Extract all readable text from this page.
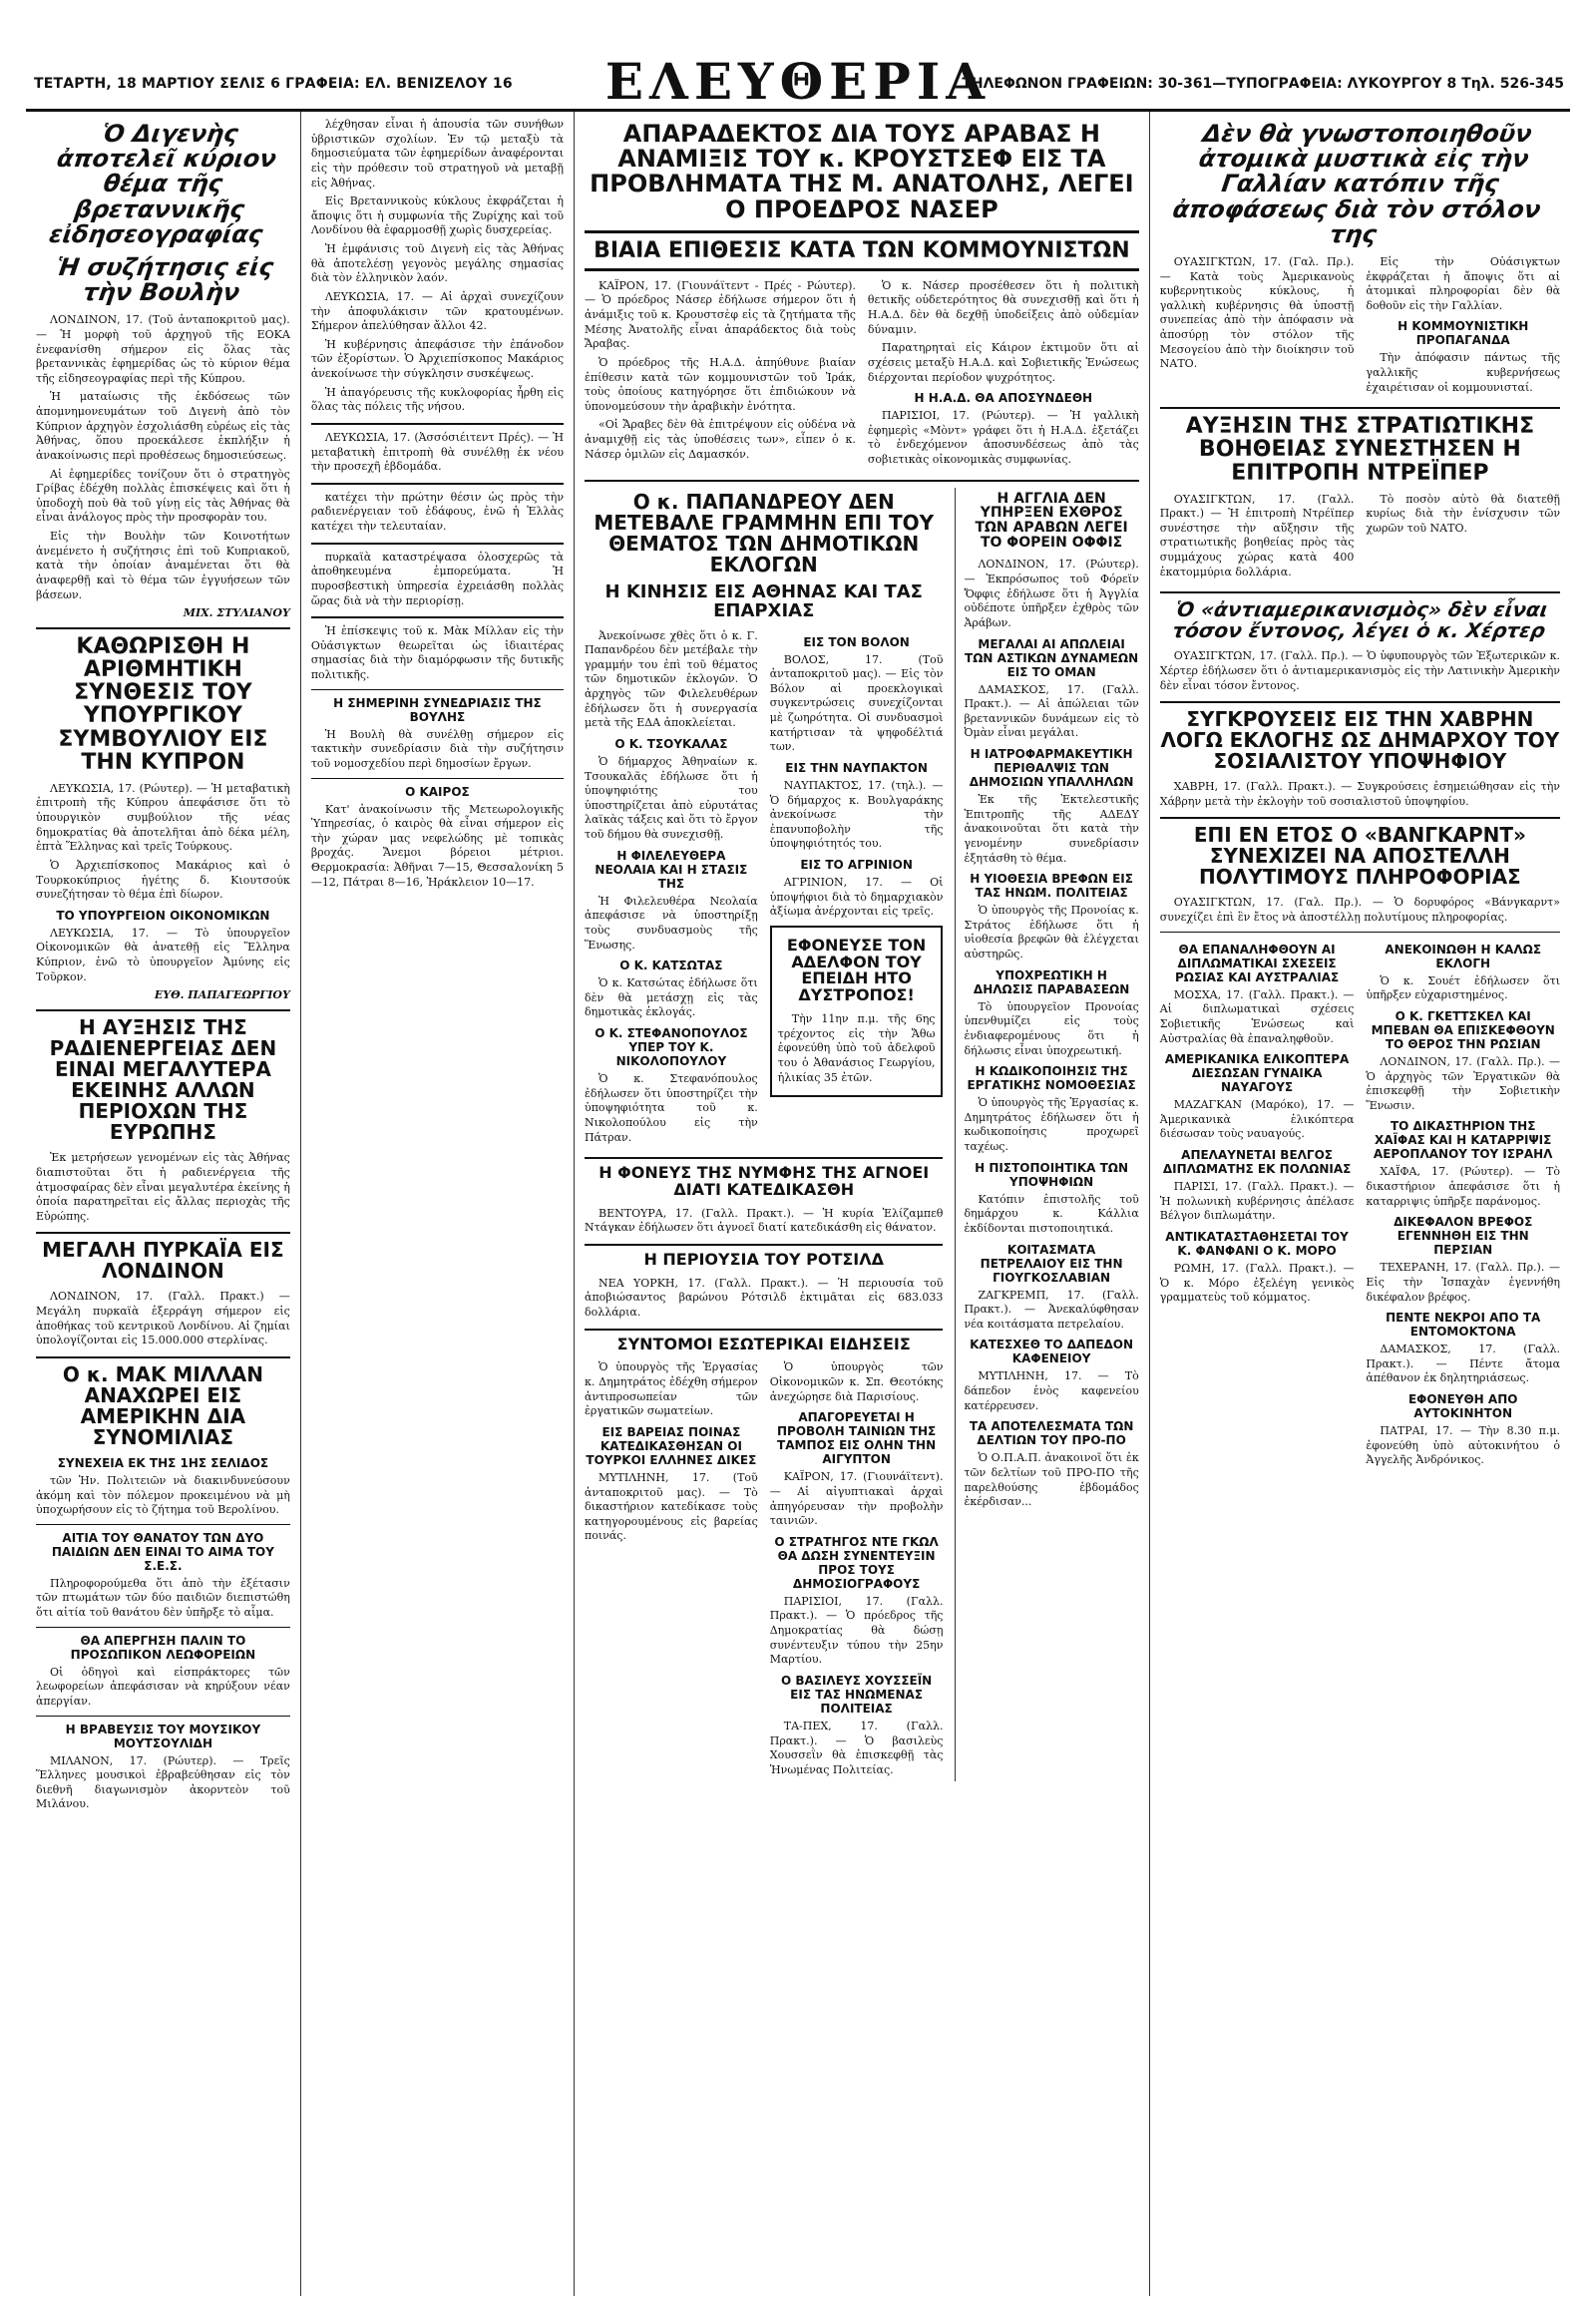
ΤΕΤΑΡΤΗ, 18 ΜΑΡΤΙΟΥ ΣΕΛΙΣ 6 ΓΡΑΦΕΙΑ: ΕΛ. ΒΕΝΙΖΕΛΟΥ 16	ΕΛΕΥΘΕΡΙΑ
ΤΗΛΕΦΩΝΟΝ ΓΡΑΦΕΙΩΝ: 30-361—ΤΥΠΟΓΡΑΦΕΙΑ: ΛΥΚΟΥΡΓΟΥ 8 Τηλ. 526-345
Ὁ Διγενὴς ἀποτελεῖ κύριον θέμα τῆς βρεταννικῆς εἰδησεογραφίας
Ἡ συζήτησις εἰς τὴν Βουλὴν

ΛΟΝΔΙΝΟΝ, 17. (Τοῦ ἀνταποκριτοῦ μας). — Ἡ μορφὴ τοῦ ἀρχηγοῦ τῆς ΕΟΚΑ ἐνεφανίσθη σήμερον εἰς ὅλας τὰς βρεταννικὰς ἐφημερίδας ὡς τὸ κύριον θέμα τῆς εἰδησεογραφίας περὶ τῆς Κύπρου.

Ἡ ματαίωσις τῆς ἐκδόσεως τῶν ἀπομνημονευμάτων τοῦ Διγενὴ ἀπὸ τὸν Κύπριον ἀρχηγὸν ἐσχολιάσθη εὐρέως εἰς τὰς Ἀθήνας, ὅπου προεκάλεσε ἐκπλήξιν ἡ ἀνακοίνωσις περὶ προθέσεως δημοσιεύσεως.

Αἱ ἐφημερίδες τονίζουν ὅτι ὁ στρατηγὸς Γρίβας ἐδέχθη πολλὰς ἐπισκέψεις καὶ ὅτι ἡ ὑποδοχὴ ποὺ θὰ τοῦ γίνῃ εἰς τὰς Ἀθήνας θὰ εἶναι ἀνάλογος πρὸς τὴν προσφορὰν του.

Εἰς τὴν Βουλὴν τῶν Κοινοτήτων ἀνεμένετο ἡ συζήτησις ἐπὶ τοῦ Κυπριακοῦ, κατὰ τὴν ὁποίαν ἀναμένεται ὅτι θὰ ἀναφερθῇ καὶ τὸ θέμα τῶν ἐγγυήσεων τῶν βάσεων.

ΜΙΧ. ΣΤΥΛΙΑΝΟΥ
ΚΑΘΩΡΙΣΘΗ Η ΑΡΙΘΜΗΤΙΚΗ ΣΥΝΘΕΣΙΣ ΤΟΥ ΥΠΟΥΡΓΙΚΟΥ ΣΥΜΒΟΥΛΙΟΥ ΕΙΣ ΤΗΝ ΚΥΠΡΟΝ

ΛΕΥΚΩΣΙΑ, 17. (Ρώυτερ). — Ἡ μεταβατικὴ ἐπιτροπὴ τῆς Κύπρου ἀπεφάσισε ὅτι τὸ ὑπουργικὸν συμβούλιον τῆς νέας δημοκρατίας θὰ ἀποτελῆται ἀπὸ δέκα μέλη, ἐπτὰ Ἕλληνας καὶ τρεῖς Τούρκους.

Ὁ Ἀρχιεπίσκοπος Μακάριος καὶ ὁ Τουρκοκύπριος ἡγέτης δ. Κιουτσούκ συνεζήτησαν τὸ θέμα ἐπὶ δίωρον.

ΤΟ ΥΠΟΥΡΓΕΙΟΝ ΟΙΚΟΝΟΜΙΚΩΝ

ΛΕΥΚΩΣΙΑ, 17. — Τὸ ὑπουργεῖον Οἰκονομικῶν θὰ ἀνατεθῇ εἰς Ἕλληνα Κύπριον, ἐνῶ τὸ ὑπουργεῖον Ἀμύνης εἰς Τοῦρκον.

ΕΥΘ. ΠΑΠΑΓΕΩΡΓΙΟΥ
Η ΑΥΞΗΣΙΣ ΤΗΣ ΡΑΔΙΕΝΕΡΓΕΙΑΣ ΔΕΝ ΕΙΝΑΙ ΜΕΓΑΛΥΤΕΡΑ ΕΚΕΙΝΗΣ ΑΛΛΩΝ ΠΕΡΙΟΧΩΝ ΤΗΣ ΕΥΡΩΠΗΣ

Ἐκ μετρήσεων γενομένων εἰς τὰς Ἀθήνας διαπιστοῦται ὅτι ἡ ραδιενέργεια τῆς ἀτμοσφαίρας δὲν εἶναι μεγαλυτέρα ἐκείνης ἡ ὁποία παρατηρεῖται εἰς ἄλλας περιοχὰς τῆς Εὐρώπης.

ΜΕΓΑΛΗ ΠΥΡΚΑΪΑ ΕΙΣ ΛΟΝΔΙΝΟΝ

ΛΟΝΔΙΝΟΝ, 17. (Γαλλ. Πρακτ.) — Μεγάλη πυρκαϊὰ ἐξερράγη σήμερον εἰς ἀποθήκας τοῦ κεντρικοῦ Λονδίνου. Αἱ ζημίαι ὑπολογίζονται εἰς 15.000.000 στερλίνας.

Ο κ. ΜΑΚ ΜΙΛΛΑΝ ΑΝΑΧΩΡΕΙ ΕΙΣ ΑΜΕΡΙΚΗΝ ΔΙΑ ΣΥΝΟΜΙΛΙΑΣ
ΣΥΝΕΧΕΙΑ ΕΚ ΤΗΣ 1ΗΣ ΣΕΛΙΔΟΣ

τῶν Ἡν. Πολιτειῶν νὰ διακινδυνεύσουν ἀκόμη καὶ τὸν πόλεμον προκειμένου νὰ μὴ ὑποχωρήσουν εἰς τὸ ζήτημα τοῦ Βερολίνου.

ΑΙΤΙΑ ΤΟΥ ΘΑΝΑΤΟΥ ΤΩΝ ΔΥΟ ΠΑΙΔΙΩΝ ΔΕΝ ΕΙΝΑΙ ΤΟ ΑΙΜΑ ΤΟΥ Σ.Ε.Σ.

Πληροφορούμεθα ὅτι ἀπὸ τὴν ἐξέτασιν τῶν πτωμάτων τῶν δύο παιδιῶν διεπιστώθη ὅτι αἰτία τοῦ θανάτου δὲν ὑπῆρξε τὸ αἷμα.

ΘΑ ΑΠΕΡΓΗΣΗ ΠΑΛΙΝ ΤΟ ΠΡΟΣΩΠΙΚΟΝ ΛΕΩΦΟΡΕΙΩΝ

Οἱ ὁδηγοὶ καὶ εἰσπράκτορες τῶν λεωφορείων ἀπεφάσισαν νὰ κηρύξουν νέαν ἀπεργίαν.

Η ΒΡΑΒΕΥΣΙΣ ΤΟΥ ΜΟΥΣΙΚΟΥ ΜΟΥΤΣΟΥΛΙΔΗ

ΜΙΛΑΝΟΝ, 17. (Ρώυτερ). — Τρεῖς Ἕλληνες μουσικοὶ ἐβραβεύθησαν εἰς τὸν διεθνῆ διαγωνισμὸν ἀκορντεὸν τοῦ Μιλάνου.

λέχθησαν εἶναι ἡ ἀπουσία τῶν συνήθων ὑβριστικῶν σχολίων. Ἐν τῷ μεταξὺ τὰ δημοσιεύματα τῶν ἐφημερίδων ἀναφέρονται εἰς τὴν πρόθεσιν τοῦ στρατηγοῦ νὰ μεταβῇ εἰς Ἀθήνας.

Εἰς Βρεταννικοὺς κύκλους ἐκφράζεται ἡ ἄποψις ὅτι ἡ συμφωνία τῆς Ζυρίχης καὶ τοῦ Λονδίνου θὰ ἐφαρμοσθῇ χωρὶς δυσχερείας.

Ἡ ἐμφάνισις τοῦ Διγενὴ εἰς τὰς Ἀθήνας θὰ ἀποτελέσῃ γεγονὸς μεγάλης σημασίας διὰ τὸν ἑλληνικὸν λαόν.

ΛΕΥΚΩΣΙΑ, 17. — Αἱ ἀρχαὶ συνεχίζουν τὴν ἀποφυλάκισιν τῶν κρατουμένων. Σήμερον ἀπελύθησαν ἄλλοι 42.

Ἡ κυβέρνησις ἀπεφάσισε τὴν ἐπάνοδον τῶν ἐξορίστων. Ὁ Ἀρχιεπίσκοπος Μακάριος ἀνεκοίνωσε τὴν σύγκλησιν συσκέψεως.

Ἡ ἀπαγόρευσις τῆς κυκλοφορίας ἦρθη εἰς ὅλας τὰς πόλεις τῆς νήσου.

ΛΕΥΚΩΣΙΑ, 17. (Ἀσσόσιέιτεντ Πρές). — Ἡ μεταβατικὴ ἐπιτροπὴ θὰ συνέλθῃ ἐκ νέου τὴν προσεχῆ ἑβδομάδα.

κατέχει τὴν πρώτην θέσιν ὡς πρὸς τὴν ραδιενέργειαν τοῦ ἐδάφους, ἐνῶ ἡ Ἑλλὰς κατέχει τὴν τελευταίαν.

πυρκαϊὰ καταστρέψασα ὁλοσχερῶς τὰ ἀποθηκευμένα ἐμπορεύματα. Ἡ πυροσβεστικὴ ὑπηρεσία ἐχρειάσθη πολλὰς ὥρας διὰ νὰ τὴν περιορίσῃ.

Ἡ ἐπίσκεψις τοῦ κ. Μὰκ Μίλλαν εἰς τὴν Οὐάσιγκτων θεωρεῖται ὡς ἰδιαιτέρας σημασίας διὰ τὴν διαμόρφωσιν τῆς δυτικῆς πολιτικῆς.

Η ΣΗΜΕΡΙΝΗ ΣΥΝΕΔΡΙΑΣΙΣ ΤΗΣ ΒΟΥΛΗΣ

Ἡ Βουλὴ θὰ συνέλθῃ σήμερον εἰς τακτικὴν συνεδρίασιν διὰ τὴν συζήτησιν τοῦ νομοσχεδίου περὶ δημοσίων ἔργων.

Ο ΚΑΙΡΟΣ

Κατ' ἀνακοίνωσιν τῆς Μετεωρολογικῆς Ὑπηρεσίας, ὁ καιρὸς θὰ εἶναι σήμερον εἰς τὴν χώραν μας νεφελώδης μὲ τοπικὰς βροχάς. Ἄνεμοι βόρειοι μέτριοι. Θερμοκρασία: Ἀθῆναι 7—15, Θεσσαλονίκη 5—12, Πάτραι 8—16, Ἡράκλειον 10—17.

ΑΠΑΡΑΔΕΚΤΟΣ ΔΙΑ ΤΟΥΣ ΑΡΑΒΑΣ Η ΑΝΑΜΙΞΙΣ ΤΟΥ κ. ΚΡΟΥΣΤΣΕΦ ΕΙΣ ΤΑ ΠΡΟΒΛΗΜΑΤΑ ΤΗΣ Μ. ΑΝΑΤΟΛΗΣ, ΛΕΓΕΙ Ο ΠΡΟΕΔΡΟΣ ΝΑΣΕΡ
ΒΙΑΙΑ ΕΠΙΘΕΣΙΣ ΚΑΤΑ ΤΩΝ ΚΟΜΜΟΥΝΙΣΤΩΝ

ΚΑΪΡΟΝ, 17. (Γιουνάϊτεντ - Πρές - Ρώυτερ). — Ὁ πρόεδρος Νάσερ ἐδήλωσε σήμερον ὅτι ἡ ἀνάμιξις τοῦ κ. Κρουστσὲφ εἰς τὰ ζητήματα τῆς Μέσης Ἀνατολῆς εἶναι ἀπαράδεκτος διὰ τοὺς Ἄραβας.

Ὁ πρόεδρος τῆς Η.Α.Δ. ἀπηύθυνε βιαίαν ἐπίθεσιν κατὰ τῶν κομμουνιστῶν τοῦ Ἰράκ, τοὺς ὁποίους κατηγόρησε ὅτι ἐπιδιώκουν νὰ ὑπονομεύσουν τὴν ἀραβικὴν ἑνότητα.

«Οἱ Ἄραβες δὲν θὰ ἐπιτρέψουν εἰς οὐδένα νὰ ἀναμιχθῇ εἰς τὰς ὑποθέσεις των», εἶπεν ὁ κ. Νάσερ ὁμιλῶν εἰς Δαμασκόν.

Ὁ κ. Νάσερ προσέθεσεν ὅτι ἡ πολιτικὴ θετικῆς οὐδετερότητος θὰ συνεχισθῇ καὶ ὅτι ἡ Η.Α.Δ. δὲν θὰ δεχθῇ ὑποδείξεις ἀπὸ οὐδεμίαν δύναμιν.

Παρατηρηταὶ εἰς Κάιρον ἐκτιμοῦν ὅτι αἱ σχέσεις μεταξὺ Η.Α.Δ. καὶ Σοβιετικῆς Ἑνώσεως διέρχονται περίοδον ψυχρότητος.

Η Η.Α.Δ. ΘΑ ΑΠΟΣΥΝΔΕΘΗ

ΠΑΡΙΣΙΟΙ, 17. (Ρώυτερ). — Ἡ γαλλικὴ ἐφημερὶς «Μὸντ» γράφει ὅτι ἡ Η.Α.Δ. ἐξετάζει τὸ ἐνδεχόμενον ἀποσυνδέσεως ἀπὸ τὰς σοβιετικὰς οἰκονομικὰς συμφωνίας.

Ο κ. ΠΑΠΑΝΔΡΕΟΥ ΔΕΝ ΜΕΤΕΒΑΛΕ ΓΡΑΜΜΗΝ ΕΠΙ ΤΟΥ ΘΕΜΑΤΟΣ ΤΩΝ ΔΗΜΟΤΙΚΩΝ ΕΚΛΟΓΩΝ
Η ΚΙΝΗΣΙΣ ΕΙΣ ΑΘΗΝΑΣ ΚΑΙ ΤΑΣ ΕΠΑΡΧΙΑΣ

Ἀνεκοίνωσε χθὲς ὅτι ὁ κ. Γ. Παπανδρέου δὲν μετέβαλε τὴν γραμμήν του ἐπὶ τοῦ θέματος τῶν δημοτικῶν ἐκλογῶν. Ὁ ἀρχηγὸς τῶν Φιλελευθέρων ἐδήλωσεν ὅτι ἡ συνεργασία μετὰ τῆς ΕΔΑ ἀποκλείεται.

Ο Κ. ΤΣΟΥΚΑΛΑΣ

Ὁ δήμαρχος Ἀθηναίων κ. Τσουκαλᾶς ἐδήλωσε ὅτι ἡ ὑποψηφιότης του ὑποστηρίζεται ἀπὸ εὐρυτάτας λαϊκὰς τάξεις καὶ ὅτι τὸ ἔργον τοῦ δήμου θὰ συνεχισθῇ.

Η ΦΙΛΕΛΕΥΘΕΡΑ ΝΕΟΛΑΙΑ ΚΑΙ Η ΣΤΑΣΙΣ ΤΗΣ

Ἡ Φιλελευθέρα Νεολαία ἀπεφάσισε νὰ ὑποστηρίξῃ τοὺς συνδυασμοὺς τῆς Ἕνωσης.

Ο Κ. ΚΑΤΣΩΤΑΣ

Ὁ κ. Κατσώτας ἐδήλωσε ὅτι δὲν θὰ μετάσχῃ εἰς τὰς δημοτικὰς ἐκλογάς.

Ο Κ. ΣΤΕΦΑΝΟΠΟΥΛΟΣ ΥΠΕΡ ΤΟΥ Κ. ΝΙΚΟΛΟΠΟΥΛΟΥ

Ὁ κ. Στεφανόπουλος ἐδήλωσεν ὅτι ὑποστηρίζει τὴν ὑποψηφιότητα τοῦ κ. Νικολοπούλου εἰς τὴν Πάτραν.

ΕΙΣ ΤΟΝ ΒΟΛΟΝ

ΒΟΛΟΣ, 17. (Τοῦ ἀνταποκριτοῦ μας). — Εἰς τὸν Βόλον αἱ προεκλογικαὶ συγκεντρώσεις συνεχίζονται μὲ ζωηρότητα. Οἱ συνδυασμοὶ κατήρτισαν τὰ ψηφοδέλτιά των.

ΕΙΣ ΤΗΝ ΝΑΥΠΑΚΤΟΝ

ΝΑΥΠΑΚΤΟΣ, 17. (τηλ.). — Ὁ δήμαρχος κ. Βουλγαράκης ἀνεκοίνωσε τὴν ἐπανυποβολὴν τῆς ὑποψηφιότητός του.

ΕΙΣ ΤΟ ΑΓΡΙΝΙΟΝ

ΑΓΡΙΝΙΟΝ, 17. — Οἱ ὑποψήφιοι διὰ τὸ δημαρχιακὸν ἀξίωμα ἀνέρχονται εἰς τρεῖς.

ΕΦΟΝΕΥΣΕ ΤΟΝ ΑΔΕΛΦΟΝ ΤΟΥ ΕΠΕΙΔΗ ΗΤΟ ΔΥΣΤΡΟΠΟΣ!

Τὴν 11ην π.μ. τῆς 6ης τρέχοντος εἰς τὴν Ἄθω ἐφονεύθη ὑπὸ τοῦ ἀδελφοῦ του ὁ Ἀθανάσιος Γεωργίου, ἡλικίας 35 ἐτῶν.

Η ΦΟΝΕΥΣ ΤΗΣ ΝΥΜΦΗΣ ΤΗΣ ΑΓΝΟΕΙ ΔΙΑΤΙ ΚΑΤΕΔΙΚΑΣΘΗ

ΒΕΝΤΟΥΡΑ, 17. (Γαλλ. Πρακτ.). — Ἡ κυρία Ἐλίζαμπεθ Ντάγκαν ἐδήλωσεν ὅτι ἀγνοεῖ διατί κατεδικάσθη εἰς θάνατον.

Η ΠΕΡΙΟΥΣΙΑ ΤΟΥ ΡΟΤΣΙΛΔ

ΝΕΑ ΥΟΡΚΗ, 17. (Γαλλ. Πρακτ.). — Ἡ περιουσία τοῦ ἀποβιώσαντος βαρώνου Ρότσιλδ ἐκτιμᾶται εἰς 683.033 δολλάρια.

ΣΥΝΤΟΜΟΙ ΕΣΩΤΕΡΙΚΑΙ ΕΙΔΗΣΕΙΣ

Ὁ ὑπουργὸς τῆς Ἐργασίας κ. Δημητράτος ἐδέχθη σήμερον ἀντιπροσωπείαν τῶν ἐργατικῶν σωματείων.

ΕΙΣ ΒΑΡΕΙΑΣ ΠΟΙΝΑΣ ΚΑΤΕΔΙΚΑΣΘΗΣΑΝ ΟΙ ΤΟΥΡΚΟΙ ΕΛΛΗΝΕΣ ΔΙΚΕΣ

ΜΥΤΙΛΗΝΗ, 17. (Τοῦ ἀνταποκριτοῦ μας). — Τὸ δικαστήριον κατεδίκασε τοὺς κατηγορουμένους εἰς βαρείας ποινάς.

Ὁ ὑπουργὸς τῶν Οἰκονομικῶν κ. Σπ. Θεοτόκης ἀνεχώρησε διὰ Παρισίους.

ΑΠΑΓΟΡΕΥΕΤΑΙ Η ΠΡΟΒΟΛΗ ΤΑΙΝΙΩΝ ΤΗΣ ΤΑΜΠΟΣ ΕΙΣ ΟΛΗΝ ΤΗΝ ΑΙΓΥΠΤΟΝ

ΚΑΪΡΟΝ, 17. (Γιουνάϊτεντ). — Αἱ αἰγυπτιακαὶ ἀρχαὶ ἀπηγόρευσαν τὴν προβολὴν ταινιῶν.

Ο ΣΤΡΑΤΗΓΟΣ ΝΤΕ ΓΚΩΛ ΘΑ ΔΩΣΗ ΣΥΝΕΝΤΕΥΞΙΝ ΠΡΟΣ ΤΟΥΣ ΔΗΜΟΣΙΟΓΡΑΦΟΥΣ

ΠΑΡΙΣΙΟΙ, 17. (Γαλλ. Πρακτ.). — Ὁ πρόεδρος τῆς Δημοκρατίας θὰ δώσῃ συνέντευξιν τύπου τὴν 25ην Μαρτίου.

Ο ΒΑΣΙΛΕΥΣ ΧΟΥΣΣΕΪΝ ΕΙΣ ΤΑΣ ΗΝΩΜΕΝΑΣ ΠΟΛΙΤΕΙΑΣ

ΤΑ-ΠΕΧ, 17. (Γαλλ. Πρακτ.). — Ὁ βασιλεὺς Χουσσεῒν θὰ ἐπισκεφθῇ τὰς Ἡνωμένας Πολιτείας.

Η ΑΓΓΛΙΑ ΔΕΝ ΥΠΗΡΞΕΝ ΕΧΘΡΟΣ ΤΩΝ ΑΡΑΒΩΝ ΛΕΓΕΙ ΤΟ ΦΟΡΕΙΝ ΟΦΦΙΣ

ΛΟΝΔΙΝΟΝ, 17. (Ρώυτερ). — Ἐκπρόσωπος τοῦ Φόρεϊν Ὄφφις ἐδήλωσε ὅτι ἡ Ἀγγλία οὐδέποτε ὑπῆρξεν ἐχθρὸς τῶν Ἀράβων.

ΜΕΓΑΛΑΙ ΑΙ ΑΠΩΛΕΙΑΙ ΤΩΝ ΑΣΤΙΚΩΝ ΔΥΝΑΜΕΩΝ ΕΙΣ ΤΟ ΟΜΑΝ

ΔΑΜΑΣΚΟΣ, 17. (Γαλλ. Πρακτ.). — Αἱ ἀπώλειαι τῶν βρεταννικῶν δυνάμεων εἰς τὸ Ὀμὰν εἶναι μεγάλαι.

Η ΙΑΤΡΟΦΑΡΜΑΚΕΥΤΙΚΗ ΠΕΡΙΘΑΛΨΙΣ ΤΩΝ ΔΗΜΟΣΙΩΝ ΥΠΑΛΛΗΛΩΝ

Ἐκ τῆς Ἐκτελεστικῆς Ἐπιτροπῆς τῆς ΑΔΕΔΥ ἀνακοινοῦται ὅτι κατὰ τὴν γενομένην συνεδρίασιν ἐξητάσθη τὸ θέμα.

Η ΥΙΟΘΕΣΙΑ ΒΡΕΦΩΝ ΕΙΣ ΤΑΣ ΗΝΩΜ. ΠΟΛΙΤΕΙΑΣ

Ὁ ὑπουργὸς τῆς Προνοίας κ. Στράτος ἐδήλωσε ὅτι ἡ υἱοθεσία βρεφῶν θὰ ἐλέγχεται αὐστηρῶς.

ΥΠΟΧΡΕΩΤΙΚΗ Η ΔΗΛΩΣΙΣ ΠΑΡΑΒΑΣΕΩΝ

Τὸ ὑπουργεῖον Προνοίας ὑπενθυμίζει εἰς τοὺς ἐνδιαφερομένους ὅτι ἡ δήλωσις εἶναι ὑποχρεωτική.

Η ΚΩΔΙΚΟΠΟΙΗΣΙΣ ΤΗΣ ΕΡΓΑΤΙΚΗΣ ΝΟΜΟΘΕΣΙΑΣ

Ὁ ὑπουργὸς τῆς Ἐργασίας κ. Δημητράτος ἐδήλωσεν ὅτι ἡ κωδικοποίησις προχωρεῖ ταχέως.

Η ΠΙΣΤΟΠΟΙΗΤΙΚΑ ΤΩΝ ΥΠΟΨΗΦΙΩΝ

Κατόπιν ἐπιστολῆς τοῦ δημάρχου κ. Κάλλια ἐκδίδονται πιστοποιητικά.

ΚΟΙΤΑΣΜΑΤΑ ΠΕΤΡΕΛΑΙΟΥ ΕΙΣ ΤΗΝ ΓΙΟΥΓΚΟΣΛΑΒΙΑΝ

ΖΑΓΚΡΕΜΠ, 17. (Γαλλ. Πρακτ.). — Ἀνεκαλύφθησαν νέα κοιτάσματα πετρελαίου.

ΚΑΤΕΣΧΕΘ ΤΟ ΔΑΠΕΔΟΝ ΚΑΦΕΝΕΙΟΥ

ΜΥΤΙΛΗΝΗ, 17. — Τὸ δάπεδον ἑνὸς καφενείου κατέρρευσεν.

ΤΑ ΑΠΟΤΕΛΕΣΜΑΤΑ ΤΩΝ ΔΕΛΤΙΩΝ ΤΟΥ ΠΡΟ-ΠΟ

Ὁ Ο.Π.Α.Π. ἀνακοινοῖ ὅτι ἐκ τῶν δελτίων τοῦ ΠΡΟ-ΠΟ τῆς παρελθούσης ἑβδομάδος ἐκέρδισαν...

Δὲν θὰ γνωστοποιηθοῦν ἀτομικὰ μυστικὰ εἰς τὴν Γαλλίαν κατόπιν τῆς ἀποφάσεως διὰ τὸν στόλον της

ΟΥΑΣΙΓΚΤΩΝ, 17. (Γαλ. Πρ.). — Κατὰ τοὺς Ἀμερικανοὺς κυβερνητικοὺς κύκλους, ἡ γαλλικὴ κυβέρνησις θὰ ὑποστῇ συνεπείας ἀπὸ τὴν ἀπόφασιν νὰ ἀποσύρῃ τὸν στόλον τῆς Μεσογείου ἀπὸ τὴν διοίκησιν τοῦ ΝΑΤΟ.

Εἰς τὴν Οὐάσιγκτων ἐκφράζεται ἡ ἄποψις ὅτι αἱ ἀτομικαὶ πληροφορίαι δὲν θὰ δοθοῦν εἰς τὴν Γαλλίαν.

Η ΚΟΜΜΟΥΝΙΣΤΙΚΗ ΠΡΟΠΑΓΑΝΔΑ

Τὴν ἀπόφασιν πάντως τῆς γαλλικῆς κυβερνήσεως ἐχαιρέτισαν οἱ κομμουνισταί.

ΑΥΞΗΣΙΝ ΤΗΣ ΣΤΡΑΤΙΩΤΙΚΗΣ ΒΟΗΘΕΙΑΣ ΣΥΝΕΣΤΗΣΕΝ Η ΕΠΙΤΡΟΠΗ ΝΤΡΕΪΠΕΡ

ΟΥΑΣΙΓΚΤΩΝ, 17. (Γαλλ. Πρακτ.) — Ἡ ἐπιτροπὴ Ντρέϊπερ συνέστησε τὴν αὔξησιν τῆς στρατιωτικῆς βοηθείας πρὸς τὰς συμμάχους χώρας κατὰ 400 ἑκατομμύρια δολλάρια.

Τὸ ποσὸν αὐτὸ θὰ διατεθῇ κυρίως διὰ τὴν ἐνίσχυσιν τῶν χωρῶν τοῦ ΝΑΤΟ.

Ὁ «ἀντιαμερικανισμὸς» δὲν εἶναι τόσον ἔντονος, λέγει ὁ κ. Χέρτερ

ΟΥΑΣΙΓΚΤΩΝ, 17. (Γαλλ. Πρ.). — Ὁ ὑφυπουργὸς τῶν Ἐξωτερικῶν κ. Χέρτερ ἐδήλωσεν ὅτι ὁ ἀντιαμερικανισμὸς εἰς τὴν Λατινικὴν Ἀμερικὴν δὲν εἶναι τόσον ἔντονος.

ΣΥΓΚΡΟΥΣΕΙΣ ΕΙΣ ΤΗΝ ΧΑΒΡΗΝ ΛΟΓΩ ΕΚΛΟΓΗΣ ΩΣ ΔΗΜΑΡΧΟΥ ΤΟΥ ΣΟΣΙΑΛΙΣΤΟΥ ΥΠΟΨΗΦΙΟΥ

ΧΑΒΡΗ, 17. (Γαλλ. Πρακτ.). — Συγκρούσεις ἐσημειώθησαν εἰς τὴν Χάβρην μετὰ τὴν ἐκλογὴν τοῦ σοσιαλιστοῦ ὑποψηφίου.

ΕΠΙ ΕΝ ΕΤΟΣ Ο «ΒΑΝΓΚΑΡΝΤ» ΣΥΝΕΧΙΖΕΙ ΝΑ ΑΠΟΣΤΕΛΛΗ ΠΟΛΥΤΙΜΟΥΣ ΠΛΗΡΟΦΟΡΙΑΣ

ΟΥΑΣΙΓΚΤΩΝ, 17. (Γαλ. Πρ.). — Ὁ δορυφόρος «Βάνγκαρντ» συνεχίζει ἐπὶ ἓν ἔτος νὰ ἀποστέλλῃ πολυτίμους πληροφορίας.

ΘΑ ΕΠΑΝΑΛΗΦΘΟΥΝ ΑΙ ΔΙΠΛΩΜΑΤΙΚΑΙ ΣΧΕΣΕΙΣ ΡΩΣΙΑΣ ΚΑΙ ΑΥΣΤΡΑΛΙΑΣ

ΜΟΣΧΑ, 17. (Γαλλ. Πρακτ.). — Αἱ διπλωματικαὶ σχέσεις Σοβιετικῆς Ἑνώσεως καὶ Αὐστραλίας θὰ ἐπαναληφθοῦν.

ΑΜΕΡΙΚΑΝΙΚΑ ΕΛΙΚΟΠΤΕΡΑ ΔΙΕΣΩΣΑΝ ΓΥΝΑΙΚΑ ΝΑΥΑΓΟΥΣ

ΜΑΖΑΓΚΑΝ (Μαρόκο), 17. — Ἀμερικανικὰ ἑλικόπτερα διέσωσαν τοὺς ναυαγούς.

ΑΠΕΛΑΥΝΕΤΑΙ ΒΕΛΓΟΣ ΔΙΠΛΩΜΑΤΗΣ ΕΚ ΠΟΛΩΝΙΑΣ

ΠΑΡΙΣΙ, 17. (Γαλλ. Πρακτ.). — Ἡ πολωνικὴ κυβέρνησις ἀπέλασε Βέλγον διπλωμάτην.

ΑΝΤΙΚΑΤΑΣΤΑΘΗΣΕΤΑΙ ΤΟΥ Κ. ΦΑΝΦΑΝΙ Ο Κ. ΜΟΡΟ

ΡΩΜΗ, 17. (Γαλλ. Πρακτ.). — Ὁ κ. Μόρο ἐξελέγη γενικὸς γραμματεὺς τοῦ κόμματος.

ΑΝΕΚΟΙΝΩΘΗ Η ΚΑΛΩΣ ΕΚΛΟΓΗ

Ὁ κ. Σουέτ ἐδήλωσεν ὅτι ὑπῆρξεν εὐχαριστημένος.

Ο Κ. ΓΚΕΤΤΣΚΕΛ ΚΑΙ ΜΠΕΒΑΝ ΘΑ ΕΠΙΣΚΕΦΘΟΥΝ ΤΟ ΘΕΡΟΣ ΤΗΝ ΡΩΣΙΑΝ

ΛΟΝΔΙΝΟΝ, 17. (Γαλλ. Πρ.). — Ὁ ἀρχηγὸς τῶν Ἐργατικῶν θὰ ἐπισκεφθῇ τὴν Σοβιετικὴν Ἕνωσιν.

ΤΟ ΔΙΚΑΣΤΗΡΙΟΝ ΤΗΣ ΧΑΪΦΑΣ ΚΑΙ Η ΚΑΤΑΡΡΙΨΙΣ ΑΕΡΟΠΛΑΝΟΥ ΤΟΥ ΙΣΡΑΗΛ

ΧΑΪΦΑ, 17. (Ρώυτερ). — Τὸ δικαστήριον ἀπεφάσισε ὅτι ἡ καταρριψις ὑπῆρξε παράνομος.

ΔΙΚΕΦΑΛΟΝ ΒΡΕΦΟΣ ΕΓΕΝΝΗΘΗ ΕΙΣ ΤΗΝ ΠΕΡΣΙΑΝ

ΤΕΧΕΡΑΝΗ, 17. (Γαλλ. Πρ.). — Εἰς τὴν Ἰσπαχὰν ἐγεννήθη δικέφαλον βρέφος.

ΠΕΝΤΕ ΝΕΚΡΟΙ ΑΠΟ ΤΑ ΕΝΤΟΜΟΚΤΟΝΑ

ΔΑΜΑΣΚΟΣ, 17. (Γαλλ. Πρακτ.). — Πέντε ἄτομα ἀπέθανον ἐκ δηλητηριάσεως.

ΕΦΟΝΕΥΘΗ ΑΠΟ ΑΥΤΟΚΙΝΗΤΟΝ

ΠΑΤΡΑΙ, 17. — Τὴν 8.30 π.μ. ἐφονεύθη ὑπὸ αὐτοκινήτου ὁ Ἀγγελῆς Ἀνδρόνικος.
